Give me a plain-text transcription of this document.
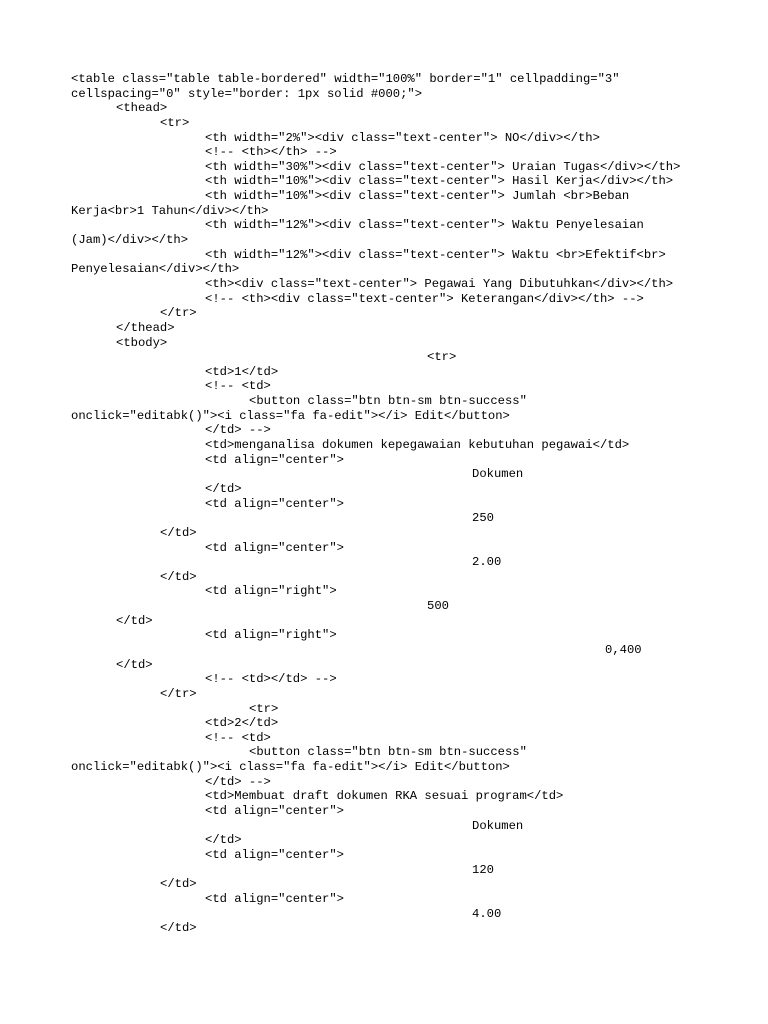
<table class="table table-bordered" width="100%" border="1" cellpadding="3"
cellspacing="0" style="border: 1px solid #000;">
<thead>
<tr>
<th width="2%"><div class="text-center"> NO</div></th>
<!-- <th></th> -->
<th width="30%"><div class="text-center"> Uraian Tugas</div></th>
<th width="10%"><div class="text-center"> Hasil Kerja</div></th>
<th width="10%"><div class="text-center"> Jumlah <br>Beban
Kerja<br>1 Tahun</div></th>
<th width="12%"><div class="text-center"> Waktu Penyelesaian
(Jam)</div></th>
<th width="12%"><div class="text-center"> Waktu <br>Efektif<br>
Penyelesaian</div></th>
<th><div class="text-center"> Pegawai Yang Dibutuhkan</div></th>
<!-- <th><div class="text-center"> Keterangan</div></th> -->
</tr>
</thead>
<tbody>
<tr>
<td>1</td>
<!-- <td>
<button class="btn btn-sm btn-success"
onclick="editabk()"><i class="fa fa-edit"></i> Edit</button>
</td> -->
<td>menganalisa dokumen kepegawaian kebutuhan pegawai</td>
<td align="center">
Dokumen
</td>
<td align="center">
250
</td>
<td align="center">
2.00
</td>
<td align="right">
500
</td>
<td align="right">
0,400
</td>
<!-- <td></td> -->
</tr>
<tr>
<td>2</td>
<!-- <td>
<button class="btn btn-sm btn-success"
onclick="editabk()"><i class="fa fa-edit"></i> Edit</button>
</td> -->
<td>Membuat draft dokumen RKA sesuai program</td>
<td align="center">
Dokumen
</td>
<td align="center">
120
</td>
<td align="center">
4.00
</td>
